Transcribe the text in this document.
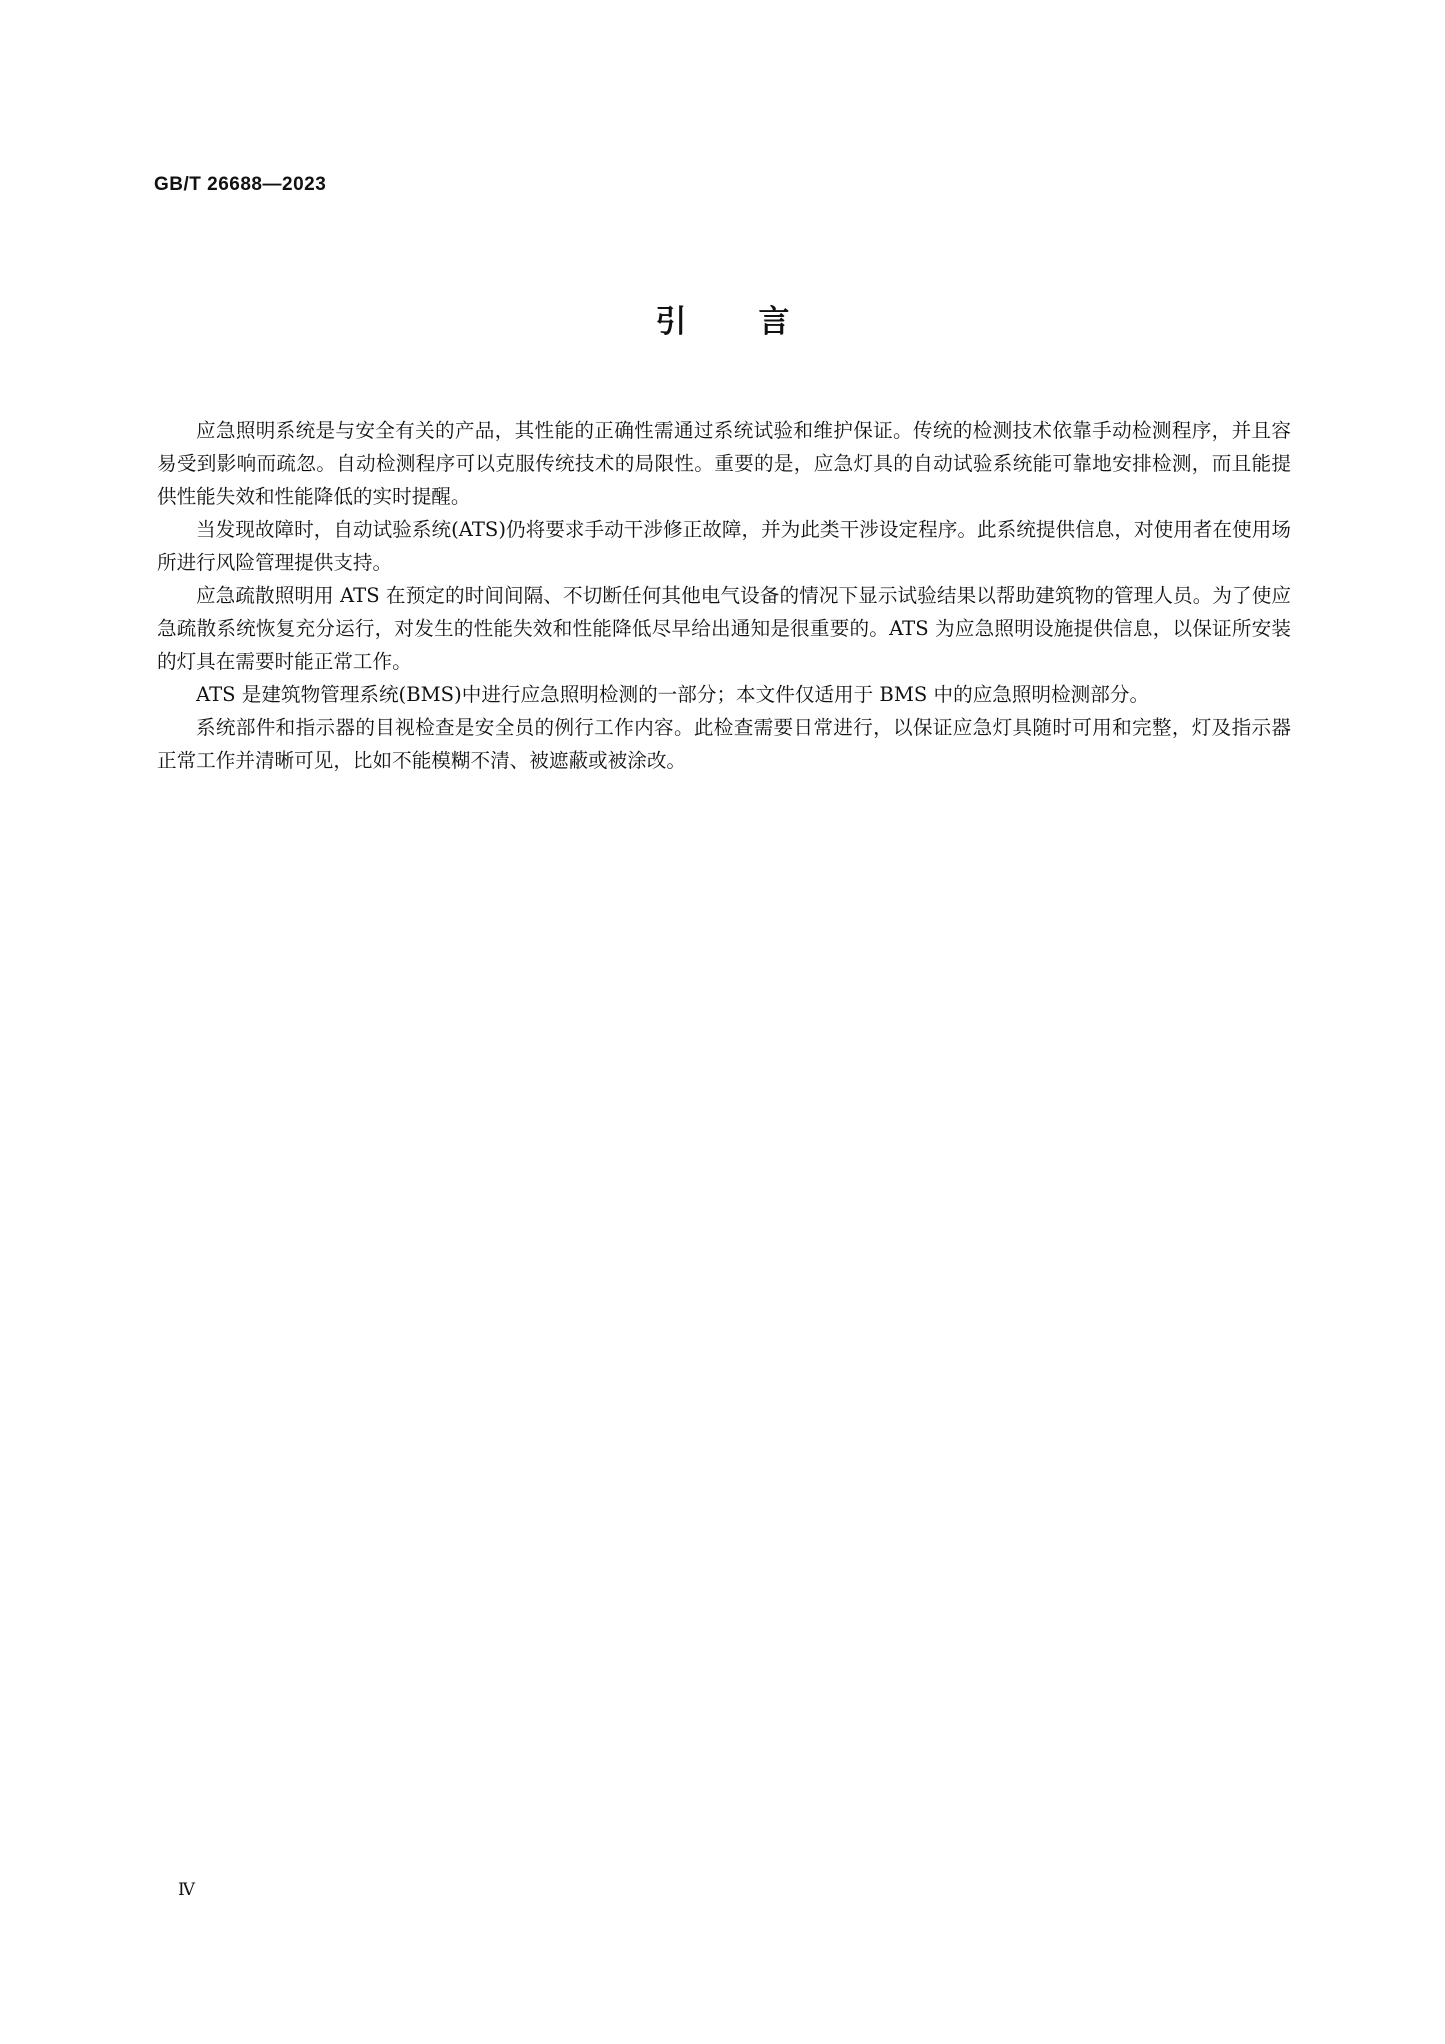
GB/T 26688—2023
引言

应急照明系统是与安全有关的产品，其性能的正确性需通过系统试验和维护保证。传统的检测技术依靠手动检测程序，并且容易受到影响而疏忽。自动检测程序可以克服传统技术的局限性。重要的是，应急灯具的自动试验系统能可靠地安排检测，而且能提供性能失效和性能降低的实时提醒。

当发现故障时，自动试验系统(ATS)仍将要求手动干涉修正故障，并为此类干涉设定程序。此系统提供信息，对使用者在使用场所进行风险管理提供支持。

应急疏散照明用 ATS 在预定的时间间隔、不切断任何其他电气设备的情况下显示试验结果以帮助建筑物的管理人员。为了使应急疏散系统恢复充分运行，对发生的性能失效和性能降低尽早给出通知是很重要的。ATS 为应急照明设施提供信息，以保证所安装的灯具在需要时能正常工作。

ATS 是建筑物管理系统(BMS)中进行应急照明检测的一部分；本文件仅适用于 BMS 中的应急照明检测部分。

系统部件和指示器的目视检查是安全员的例行工作内容。此检查需要日常进行，以保证应急灯具随时可用和完整，灯及指示器正常工作并清晰可见，比如不能模糊不清、被遮蔽或被涂改。

Ⅳ
